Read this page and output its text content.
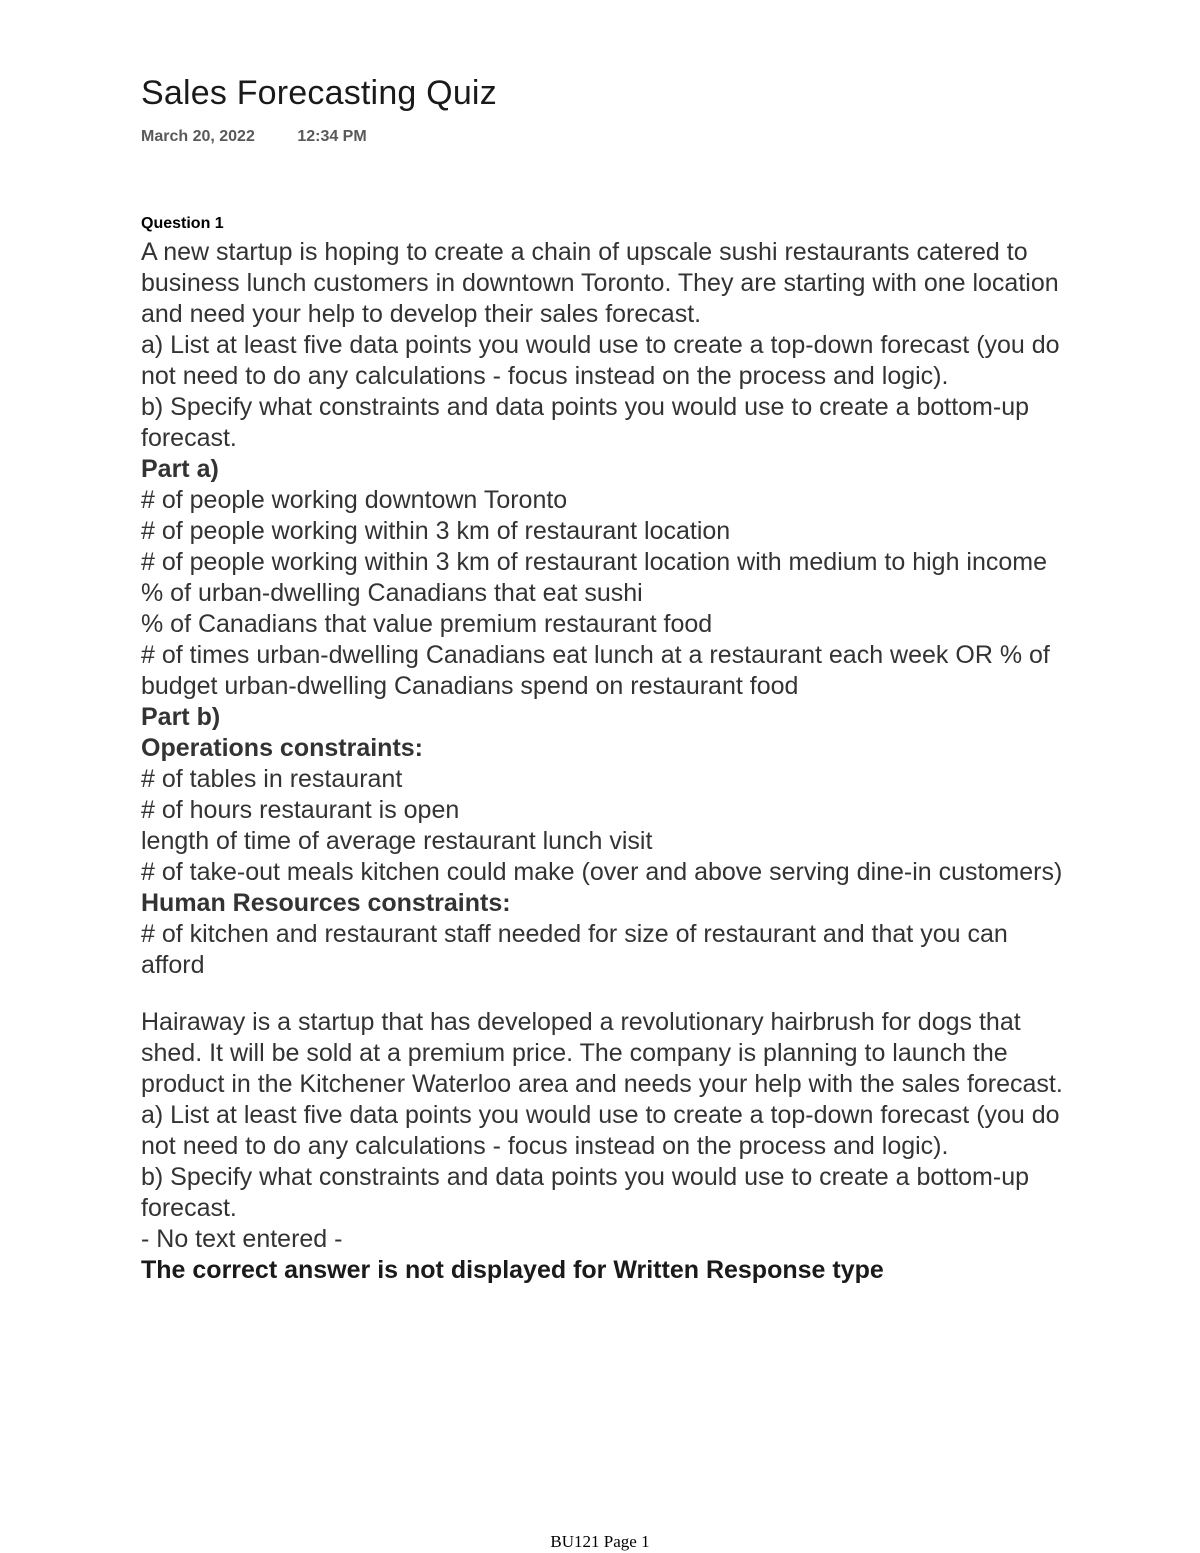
Sales Forecasting Quiz
March 20, 2022	12:34 PM
Question 1

A new startup is hoping to create a chain of upscale sushi restaurants catered to business lunch customers in downtown Toronto. They are starting with one location and need your help to develop their sales forecast.

a) List at least five data points you would use to create a top-down forecast (you do not need to do any calculations - focus instead on the process and logic).

b) Specify what constraints and data points you would use to create a bottom-up forecast.

Part a)

# of people working downtown Toronto

# of people working within 3 km of restaurant location

# of people working within 3 km of restaurant location with medium to high income

% of urban-dwelling Canadians that eat sushi

% of Canadians that value premium restaurant food

# of times urban-dwelling Canadians eat lunch at a restaurant each week OR % of budget urban-dwelling Canadians spend on restaurant food

Part b)

Operations constraints:

# of tables in restaurant

# of hours restaurant is open

length of time of average restaurant lunch visit

# of take-out meals kitchen could make (over and above serving dine-in customers)

Human Resources constraints:

# of kitchen and restaurant staff needed for size of restaurant and that you can afford

Hairaway is a startup that has developed a revolutionary hairbrush for dogs that shed. It will be sold at a premium price. The company is planning to launch the product in the Kitchener Waterloo area and needs your help with the sales forecast.

a) List at least five data points you would use to create a top-down forecast (you do not need to do any calculations - focus instead on the process and logic).

b) Specify what constraints and data points you would use to create a bottom-up forecast.

- No text entered -

The correct answer is not displayed for Written Response type

BU121 Page 1
